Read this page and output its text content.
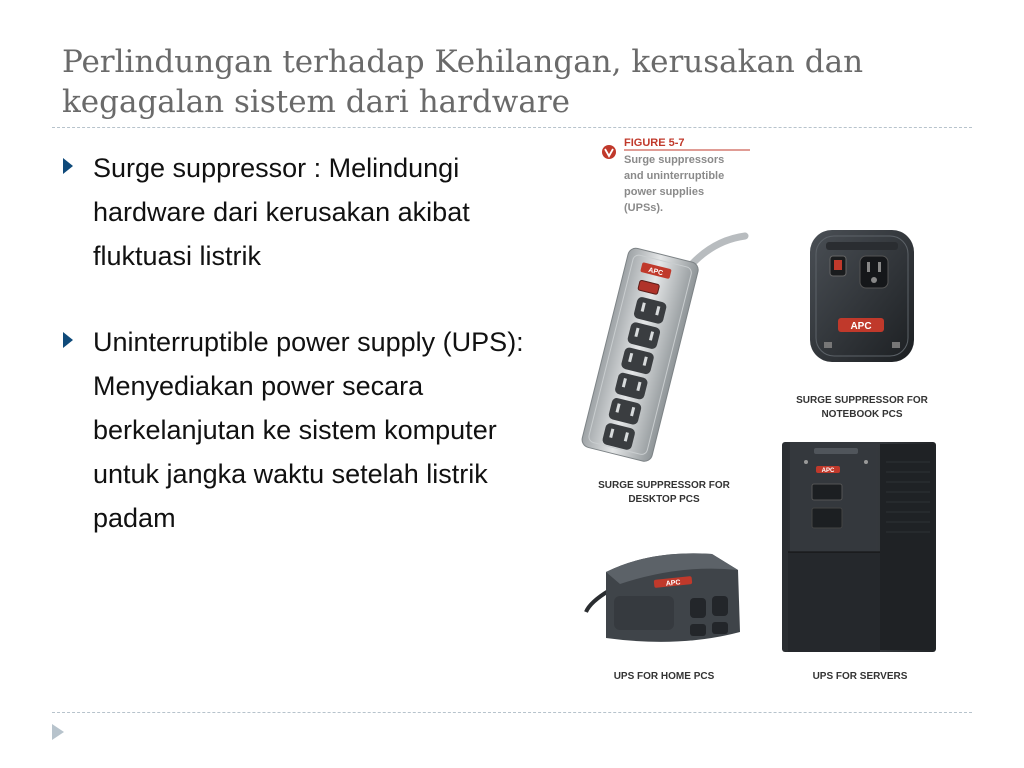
Perlindungan terhadap Kehilangan, kerusakan dan kegagalan sistem dari hardware
Surge suppressor : Melindungi hardware dari kerusakan akibat fluktuasi listrik
Uninterruptible power supply (UPS): Menyediakan power secara berkelanjutan ke sistem komputer untuk jangka waktu setelah listrik padam
FIGURE 5-7
Surge suppressors
and uninterruptible
power supplies
(UPSs).
APC
SURGE SUPPRESSOR FOR
DESKTOP PCS
APC
SURGE SUPPRESSOR FOR
NOTEBOOK PCS
APC
UPS FOR SERVERS
APC
UPS FOR HOME PCS
